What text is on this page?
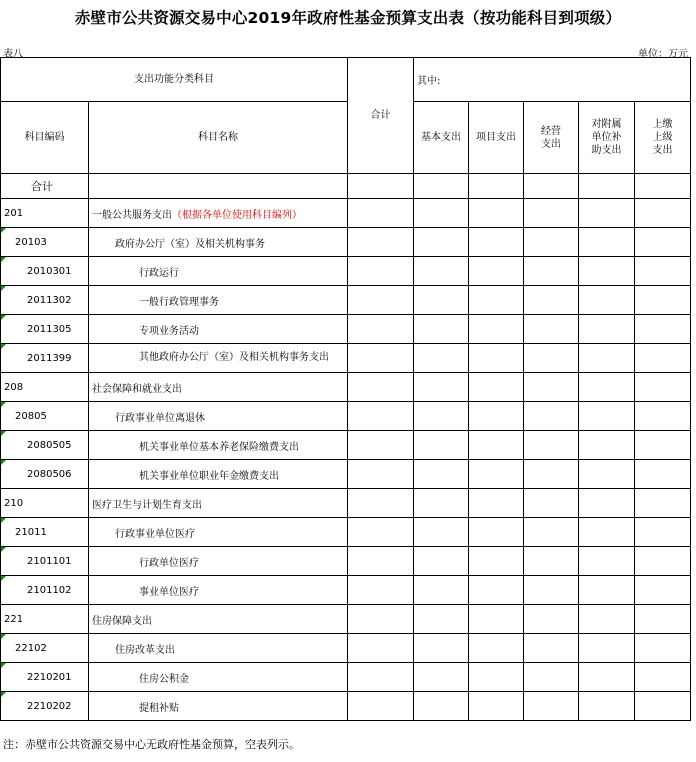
赤壁市公共资源交易中心2019年政府性基金预算支出表（按功能科目到项级）
表八	单位：万元
支出功能分类科目		合计	其中:				
科目编码	科目名称		基本支出	项目支出	经营支出	对附属单位补助支出	上缴上级支出

合计							
201	一般公共服务支出（根据各单位使用科目编列）						
20103	政府办公厅（室）及相关机构事务						
2010301	行政运行						
2011302	一般行政管理事务						
2011305	专项业务活动						
2011399	其他政府办公厅（室）及相关机构事务支出						
208	社会保障和就业支出						
20805	行政事业单位离退休						
2080505	机关事业单位基本养老保险缴费支出						
2080506	机关事业单位职业年金缴费支出						
210	医疗卫生与计划生育支出						
21011	行政事业单位医疗						
2101101	行政单位医疗						
2101102	事业单位医疗						
221	住房保障支出						
22102	住房改革支出						
2210201	住房公积金						
2210202	提租补贴						
注：赤壁市公共资源交易中心无政府性基金预算，空表列示。
